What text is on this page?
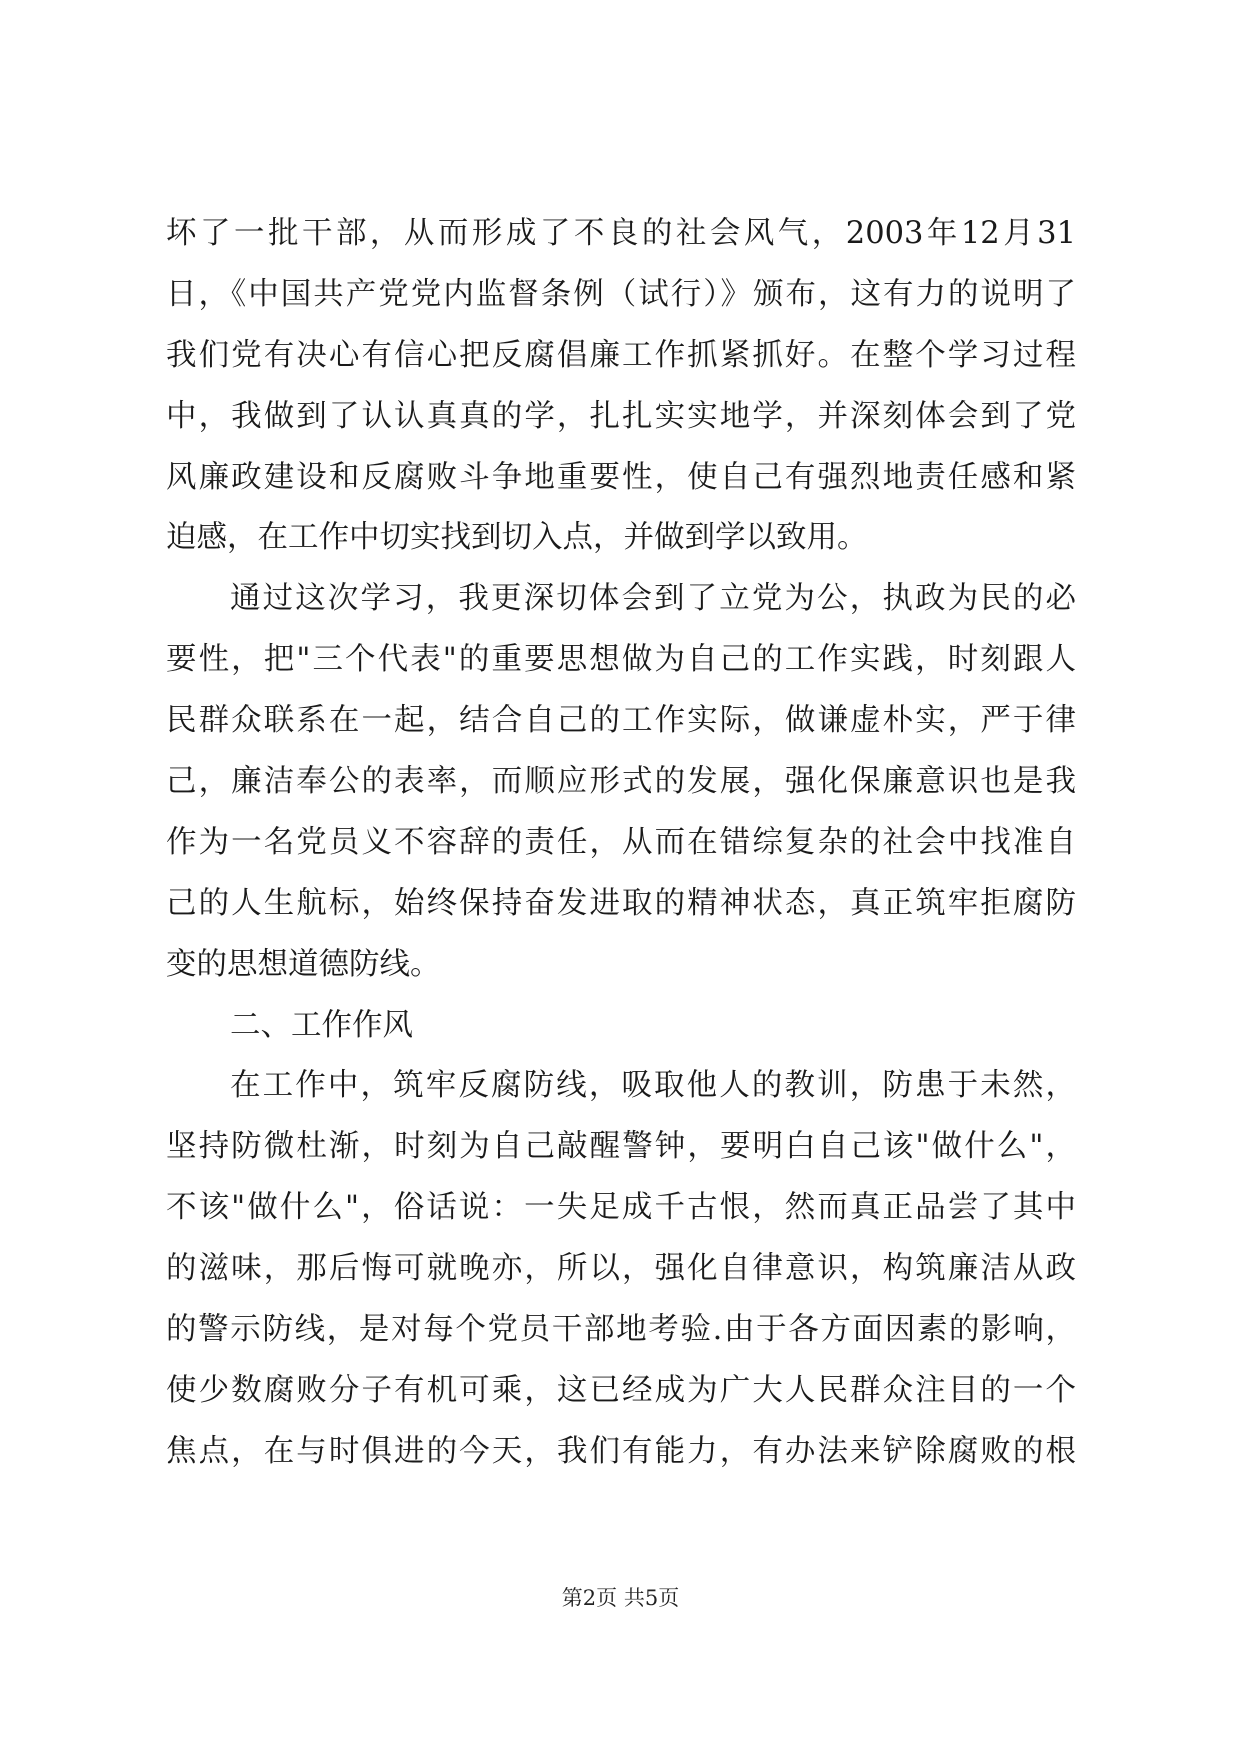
坏了一批干部，从而形成了不良的社会风气，2003年12月31
日，《中国共产党党内监督条例（试行）》颁布，这有力的说明了
我们党有决心有信心把反腐倡廉工作抓紧抓好。在整个学习过程
中，我做到了认认真真的学，扎扎实实地学，并深刻体会到了党
风廉政建设和反腐败斗争地重要性，使自己有强烈地责任感和紧
迫感，在工作中切实找到切入点，并做到学以致用。
通过这次学习，我更深切体会到了立党为公，执政为民的必
要性，把"三个代表"的重要思想做为自己的工作实践，时刻跟人
民群众联系在一起，结合自己的工作实际，做谦虚朴实，严于律
己，廉洁奉公的表率，而顺应形式的发展，强化保廉意识也是我
作为一名党员义不容辞的责任，从而在错综复杂的社会中找准自
己的人生航标，始终保持奋发进取的精神状态，真正筑牢拒腐防
变的思想道德防线。
二、工作作风
在工作中，筑牢反腐防线，吸取他人的教训，防患于未然，
坚持防微杜渐，时刻为自己敲醒警钟，要明白自己该"做什么"，
不该"做什么"，俗话说：一失足成千古恨，然而真正品尝了其中
的滋味，那后悔可就晚亦，所以，强化自律意识，构筑廉洁从政
的警示防线，是对每个党员干部地考验.由于各方面因素的影响，
使少数腐败分子有机可乘，这已经成为广大人民群众注目的一个
焦点，在与时俱进的今天，我们有能力，有办法来铲除腐败的根
第2页 共5页
